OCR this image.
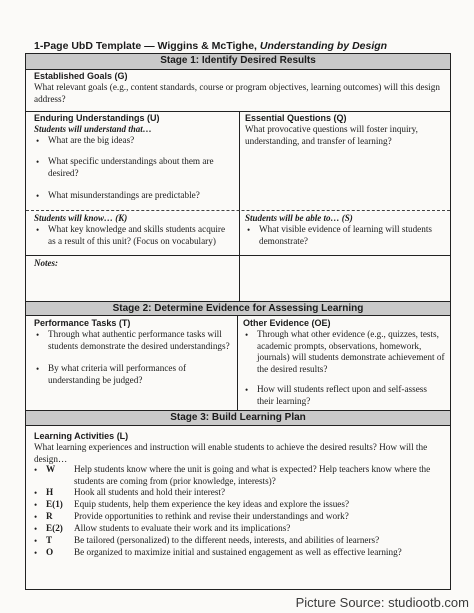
1-Page UbD Template — Wiggins & McTighe, Understanding by Design
Stage 1: Identify Desired Results
Established Goals (G)
What relevant goals (e.g., content standards, course or program objectives, learning outcomes) will this design address?
Enduring Understandings (U)
Students will understand that…
• What are the big ideas?
• What specific understandings about them are desired?
• What misunderstandings are predictable?
Essential Questions (Q)
What provocative questions will foster inquiry, understanding, and transfer of learning?
Students will know… (K)
• What key knowledge and skills students acquire as a result of this unit? (Focus on vocabulary)
Students will be able to… (S)
• What visible evidence of learning will students demonstrate?
Notes:
Stage 2: Determine Evidence for Assessing Learning
Performance Tasks (T)
• Through what authentic performance tasks will students demonstrate the desired understandings?
• By what criteria will performances of understanding be judged?
Other Evidence (OE)
• Through what other evidence (e.g., quizzes, tests, academic prompts, observations, homework, journals) will students demonstrate achievement of the desired results?
• How will students reflect upon and self-assess their learning?
Stage 3: Build Learning Plan
Learning Activities (L)
What learning experiences and instruction will enable students to achieve the desired results? How will the design…
• W Help students know where the unit is going and what is expected? Help teachers know where the students are coming from (prior knowledge, interests)?
• H Hook all students and hold their interest?
• E(1) Equip students, help them experience the key ideas and explore the issues?
• R Provide opportunities to rethink and revise their understandings and work?
• E(2) Allow students to evaluate their work and its implications?
• T Be tailored (personalized) to the different needs, interests, and abilities of learners?
• O Be organized to maximize initial and sustained engagement as well as effective learning?
Picture Source: studiootb.com
